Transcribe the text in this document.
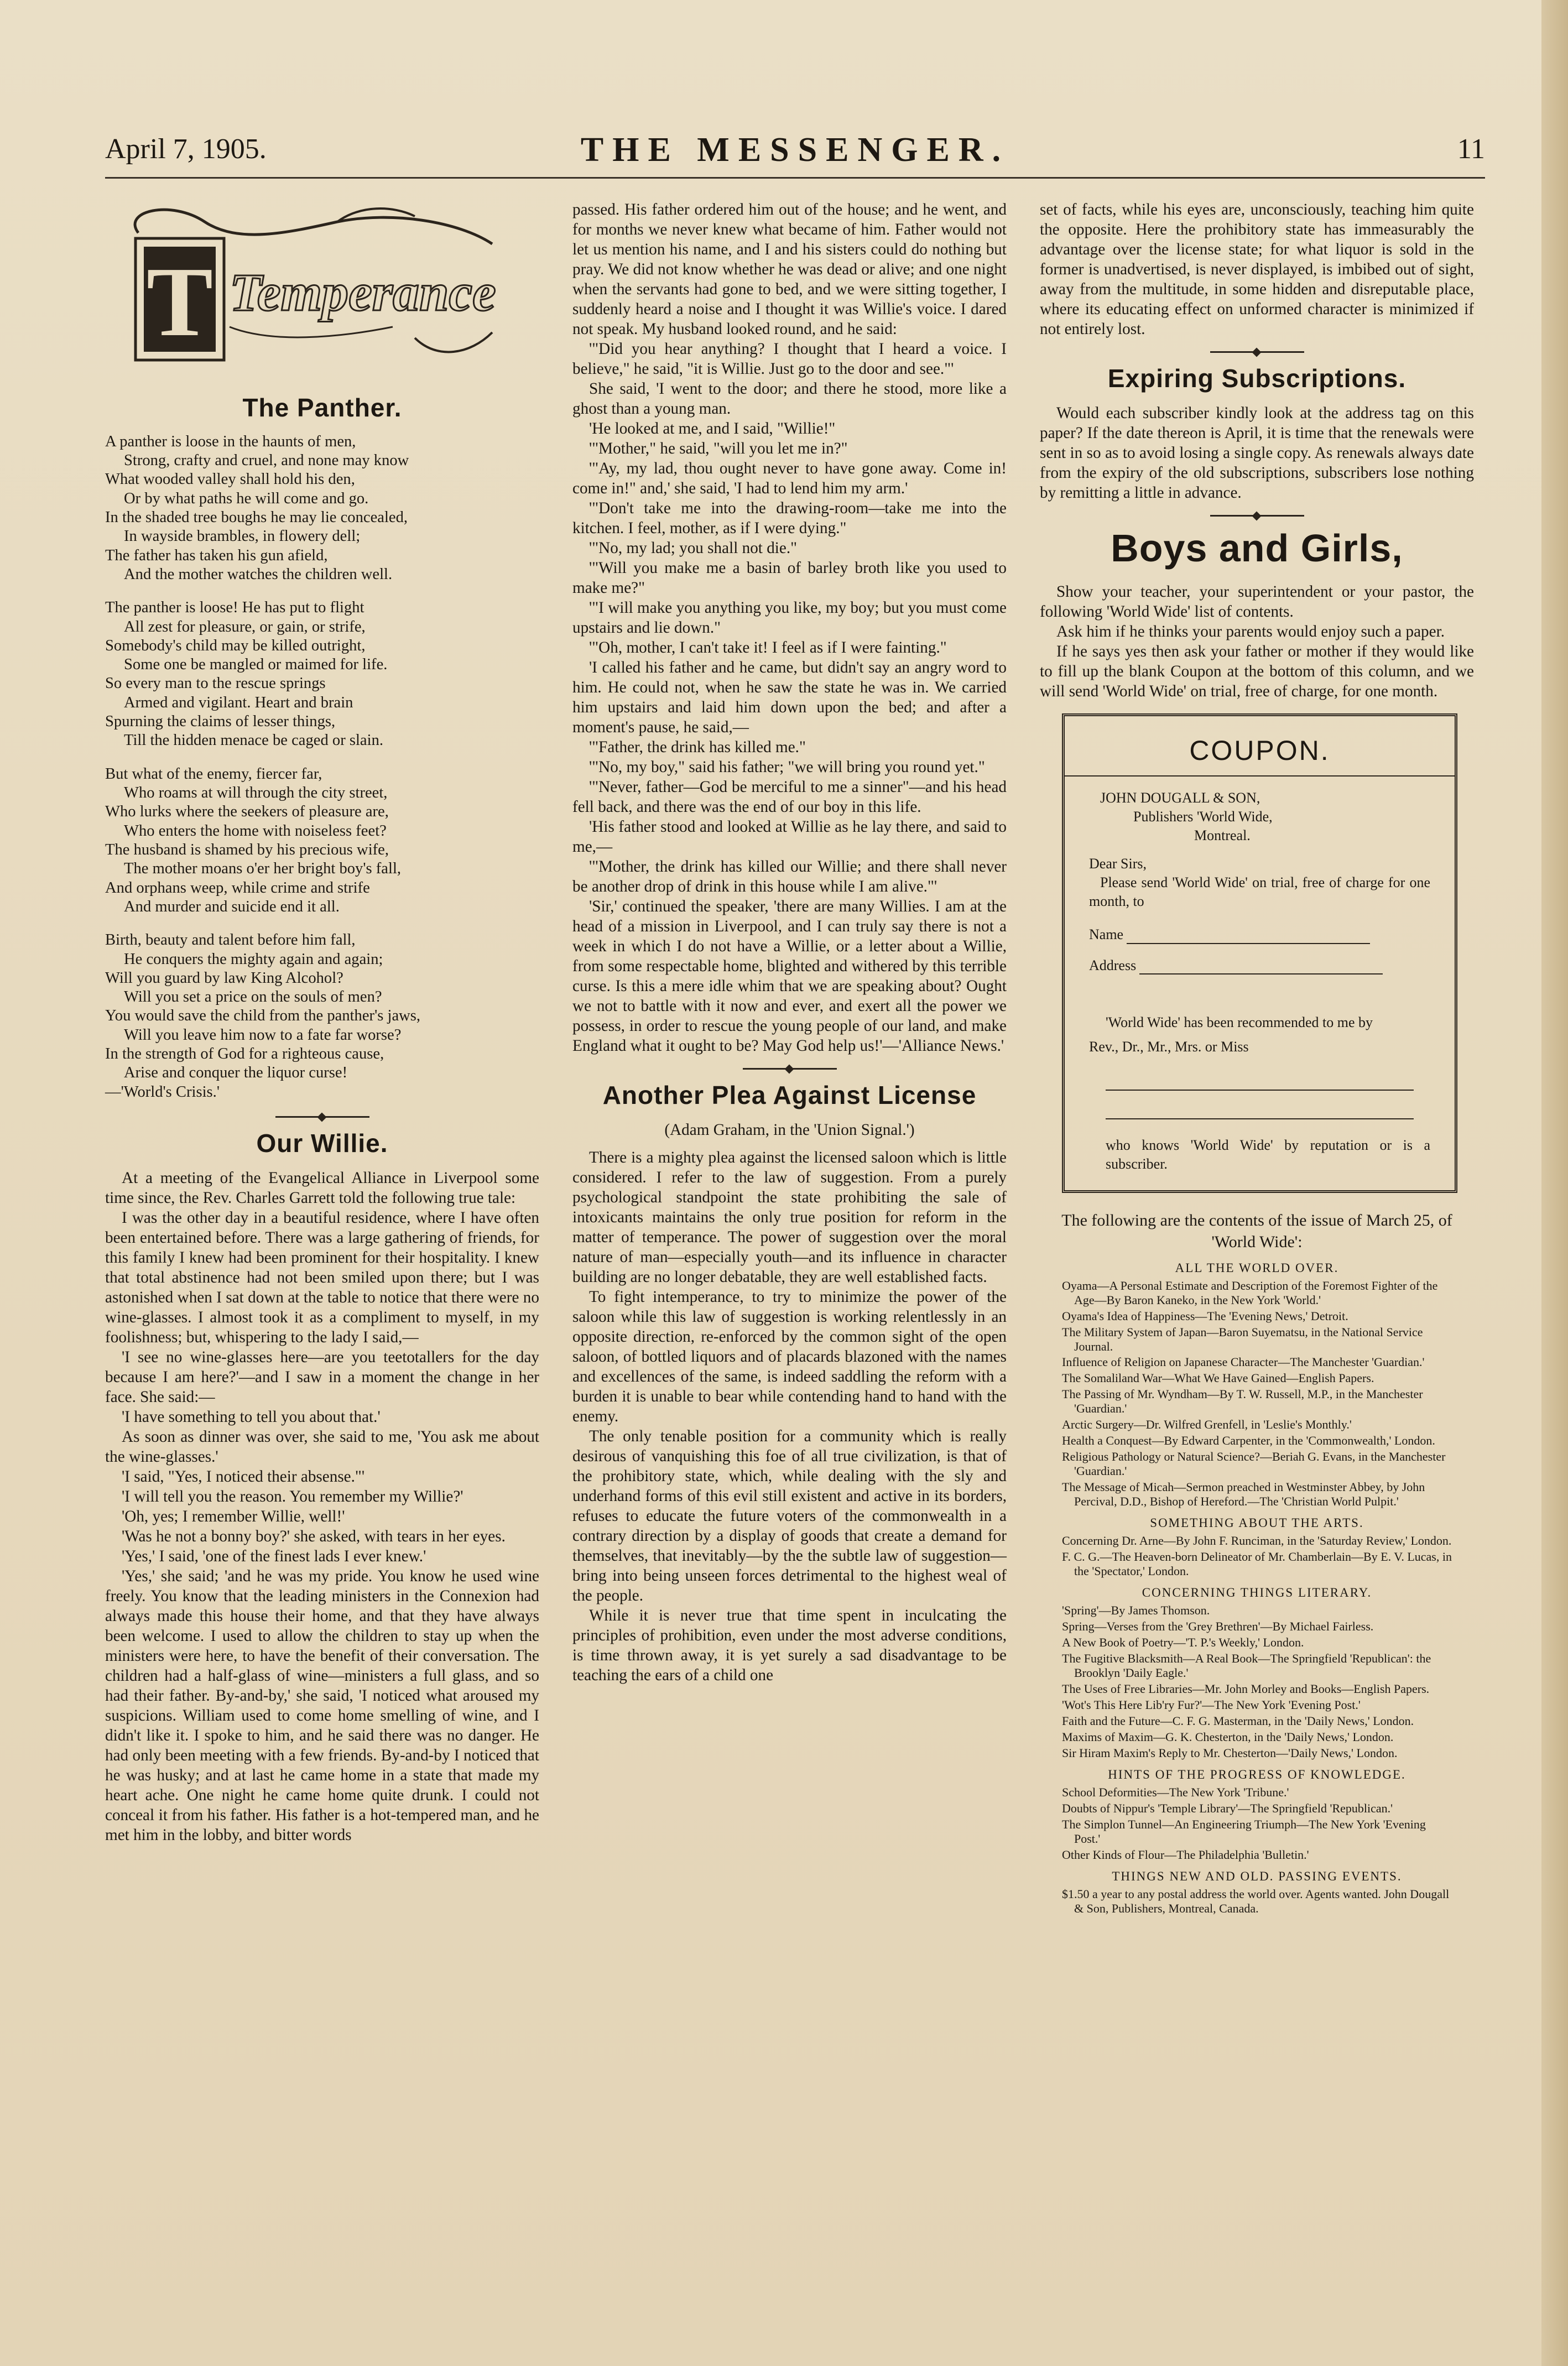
April 7, 1905.	THE MESSENGER.	11
T Temperance
The Panther.
A panther is loose in the haunts of men,
Strong, crafty and cruel, and none may know
What wooded valley shall hold his den,
Or by what paths he will come and go.
In the shaded tree boughs he may lie concealed,
In wayside brambles, in flowery dell;
The father has taken his gun afield,
And the mother watches the children well.
The panther is loose! He has put to flight
All zest for pleasure, or gain, or strife,
Somebody's child may be killed outright,
Some one be mangled or maimed for life.
So every man to the rescue springs
Armed and vigilant. Heart and brain
Spurning the claims of lesser things,
Till the hidden menace be caged or slain.
But what of the enemy, fiercer far,
Who roams at will through the city street,
Who lurks where the seekers of pleasure are,
Who enters the home with noiseless feet?
The husband is shamed by his precious wife,
The mother moans o'er her bright boy's fall,
And orphans weep, while crime and strife
And murder and suicide end it all.
Birth, beauty and talent before him fall,
He conquers the mighty again and again;
Will you guard by law King Alcohol?
Will you set a price on the souls of men?
You would save the child from the panther's jaws,
Will you leave him now to a fate far worse?
In the strength of God for a righteous cause,
Arise and conquer the liquor curse!
—'World's Crisis.'
Our Willie.

At a meeting of the Evangelical Alliance in Liverpool some time since, the Rev. Charles Garrett told the following true tale:

I was the other day in a beautiful residence, where I have often been entertained before. There was a large gathering of friends, for this family I knew had been prominent for their hospitality. I knew that total abstinence had not been smiled upon there; but I was astonished when I sat down at the table to notice that there were no wine-glasses. I almost took it as a compliment to myself, in my foolishness; but, whispering to the lady I said,—

'I see no wine-glasses here—are you teetotallers for the day because I am here?'—and I saw in a moment the change in her face. She said:—

'I have something to tell you about that.'

As soon as dinner was over, she said to me, 'You ask me about the wine-glasses.'

'I said, "Yes, I noticed their absense."'

'I will tell you the reason. You remember my Willie?'

'Oh, yes; I remember Willie, well!'

'Was he not a bonny boy?' she asked, with tears in her eyes.

'Yes,' I said, 'one of the finest lads I ever knew.'

'Yes,' she said; 'and he was my pride. You know he used wine freely. You know that the leading ministers in the Connexion had always made this house their home, and that they have always been welcome. I used to allow the children to stay up when the ministers were here, to have the benefit of their conversation. The children had a half-glass of wine—ministers a full glass, and so had their father. By-and-by,' she said, 'I noticed what aroused my suspicions. William used to come home smelling of wine, and I didn't like it. I spoke to him, and he said there was no danger. He had only been meeting with a few friends. By-and-by I noticed that he was husky; and at last he came home in a state that made my heart ache. One night he came home quite drunk. I could not conceal it from his father. His father is a hot-tempered man, and he met him in the lobby, and bitter words

passed. His father ordered him out of the house; and he went, and for months we never knew what became of him. Father would not let us mention his name, and I and his sisters could do nothing but pray. We did not know whether he was dead or alive; and one night when the servants had gone to bed, and we were sitting together, I suddenly heard a noise and I thought it was Willie's voice. I dared not speak. My husband looked round, and he said:

'"Did you hear anything? I thought that I heard a voice. I believe," he said, "it is Willie. Just go to the door and see."'

She said, 'I went to the door; and there he stood, more like a ghost than a young man.

'He looked at me, and I said, "Willie!"

'"Mother," he said, "will you let me in?"

'"Ay, my lad, thou ought never to have gone away. Come in! come in!" and,' she said, 'I had to lend him my arm.'

'"Don't take me into the drawing-room—take me into the kitchen. I feel, mother, as if I were dying."

'"No, my lad; you shall not die."

'"Will you make me a basin of barley broth like you used to make me?"

'"I will make you anything you like, my boy; but you must come upstairs and lie down."

'"Oh, mother, I can't take it! I feel as if I were fainting."

'I called his father and he came, but didn't say an angry word to him. He could not, when he saw the state he was in. We carried him upstairs and laid him down upon the bed; and after a moment's pause, he said,—

'"Father, the drink has killed me."

'"No, my boy," said his father; "we will bring you round yet."

'"Never, father—God be merciful to me a sinner"—and his head fell back, and there was the end of our boy in this life.

'His father stood and looked at Willie as he lay there, and said to me,—

'"Mother, the drink has killed our Willie; and there shall never be another drop of drink in this house while I am alive."'

'Sir,' continued the speaker, 'there are many Willies. I am at the head of a mission in Liverpool, and I can truly say there is not a week in which I do not have a Willie, or a letter about a Willie, from some respectable home, blighted and withered by this terrible curse. Is this a mere idle whim that we are speaking about? Ought we not to battle with it now and ever, and exert all the power we possess, in order to rescue the young people of our land, and make England what it ought to be? May God help us!'—'Alliance News.'

Another Plea Against License
(Adam Graham, in the 'Union Signal.')

There is a mighty plea against the licensed saloon which is little considered. I refer to the law of suggestion. From a purely psychological standpoint the state prohibiting the sale of intoxicants maintains the only true position for reform in the matter of temperance. The power of suggestion over the moral nature of man—especially youth—and its influence in character building are no longer debatable, they are well established facts.

To fight intemperance, to try to minimize the power of the saloon while this law of suggestion is working relentlessly in an opposite direction, re-enforced by the common sight of the open saloon, of bottled liquors and of placards blazoned with the names and excellences of the same, is indeed saddling the reform with a burden it is unable to bear while contending hand to hand with the enemy.

The only tenable position for a community which is really desirous of vanquishing this foe of all true civilization, is that of the prohibitory state, which, while dealing with the sly and underhand forms of this evil still existent and active in its borders, refuses to educate the future voters of the commonwealth in a contrary direction by a display of goods that create a demand for themselves, that inevitably—by the the subtle law of suggestion—bring into being unseen forces detrimental to the highest weal of the people.

While it is never true that time spent in inculcating the principles of prohibition, even under the most adverse conditions, is time thrown away, it is yet surely a sad disadvantage to be teaching the ears of a child one

set of facts, while his eyes are, unconsciously, teaching him quite the opposite. Here the prohibitory state has immeasurably the advantage over the license state; for what liquor is sold in the former is unadvertised, is never displayed, is imbibed out of sight, away from the multitude, in some hidden and disreputable place, where its educating effect on unformed character is minimized if not entirely lost.

Expiring Subscriptions.

Would each subscriber kindly look at the address tag on this paper? If the date thereon is April, it is time that the renewals were sent in so as to avoid losing a single copy. As renewals always date from the expiry of the old subscriptions, subscribers lose nothing by remitting a little in advance.

Boys and Girls,

Show your teacher, your superintendent or your pastor, the following 'World Wide' list of contents.

Ask him if he thinks your parents would enjoy such a paper.

If he says yes then ask your father or mother if they would like to fill up the blank Coupon at the bottom of this column, and we will send 'World Wide' on trial, free of charge, for one month.

COUPON.
JOHN DOUGALL & SON,
Publishers 'World Wide,
Montreal.
Dear Sirs,
Please send 'World Wide' on trial, free of charge for one month, to
Name
Address
'World Wide' has been recommended to me by
Rev., Dr., Mr., Mrs. or Miss
who knows 'World Wide' by reputation or is a subscriber.
The following are the contents of the issue of March 25, of 'World Wide':
ALL THE WORLD OVER.
Oyama—A Personal Estimate and Description of the Foremost Fighter of the Age—By Baron Kaneko, in the New York 'World.'
Oyama's Idea of Happiness—The 'Evening News,' Detroit.
The Military System of Japan—Baron Suyematsu, in the National Service Journal.
Influence of Religion on Japanese Character—The Manchester 'Guardian.'
The Somaliland War—What We Have Gained—English Papers.
The Passing of Mr. Wyndham—By T. W. Russell, M.P., in the Manchester 'Guardian.'
Arctic Surgery—Dr. Wilfred Grenfell, in 'Leslie's Monthly.'
Health a Conquest—By Edward Carpenter, in the 'Commonwealth,' London.
Religious Pathology or Natural Science?—Beriah G. Evans, in the Manchester 'Guardian.'
The Message of Micah—Sermon preached in Westminster Abbey, by John Percival, D.D., Bishop of Hereford.—The 'Christian World Pulpit.'
SOMETHING ABOUT THE ARTS.
Concerning Dr. Arne—By John F. Runciman, in the 'Saturday Review,' London.
F. C. G.—The Heaven-born Delineator of Mr. Chamberlain—By E. V. Lucas, in the 'Spectator,' London.
CONCERNING THINGS LITERARY.
'Spring'—By James Thomson.
Spring—Verses from the 'Grey Brethren'—By Michael Fairless.
A New Book of Poetry—'T. P.'s Weekly,' London.
The Fugitive Blacksmith—A Real Book—The Springfield 'Republican': the Brooklyn 'Daily Eagle.'
The Uses of Free Libraries—Mr. John Morley and Books—English Papers.
'Wot's This Here Lib'ry Fur?'—The New York 'Evening Post.'
Faith and the Future—C. F. G. Masterman, in the 'Daily News,' London.
Maxims of Maxim—G. K. Chesterton, in the 'Daily News,' London.
Sir Hiram Maxim's Reply to Mr. Chesterton—'Daily News,' London.
HINTS OF THE PROGRESS OF KNOWLEDGE.
School Deformities—The New York 'Tribune.'
Doubts of Nippur's 'Temple Library'—The Springfield 'Republican.'
The Simplon Tunnel—An Engineering Triumph—The New York 'Evening Post.'
Other Kinds of Flour—The Philadelphia 'Bulletin.'
THINGS NEW AND OLD. PASSING EVENTS.
$1.50 a year to any postal address the world over. Agents wanted. John Dougall & Son, Publishers, Montreal, Canada.
